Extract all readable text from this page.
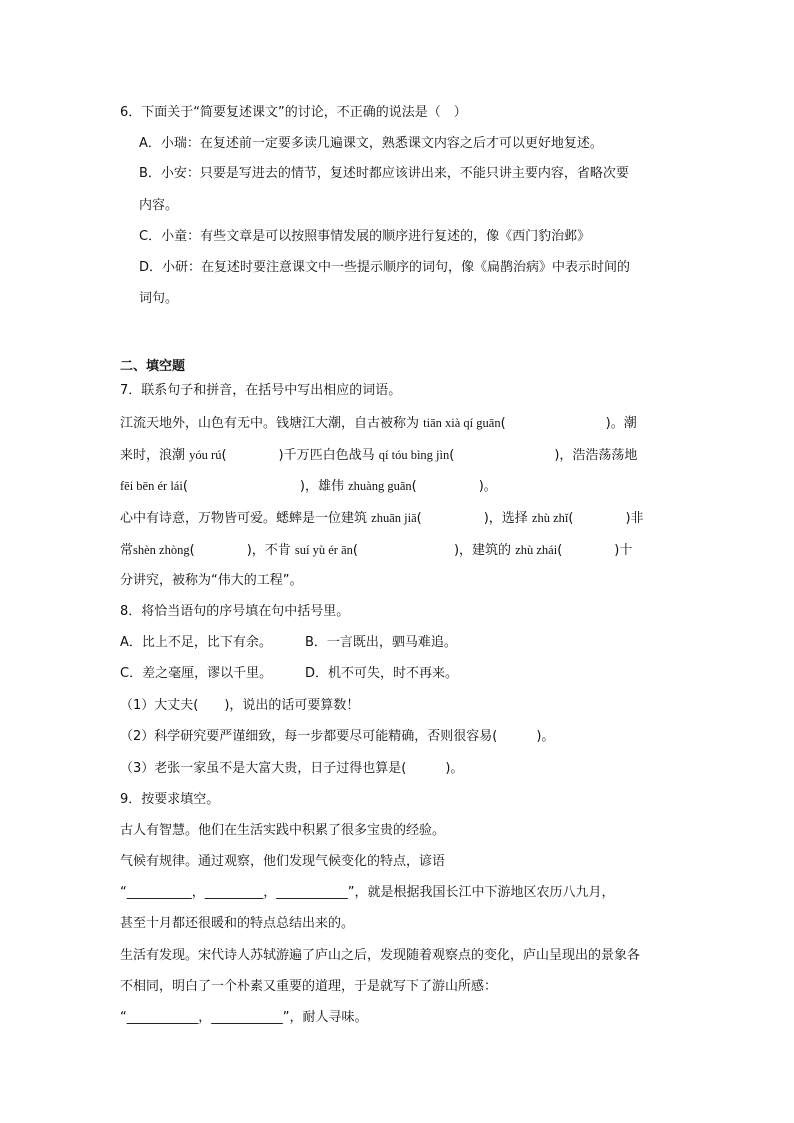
6．下面关于“简要复述课文”的讨论，不正确的说法是（　）
A．小瑞：在复述前一定要多读几遍课文，熟悉课文内容之后才可以更好地复述。
B．小安：只要是写进去的情节，复述时都应该讲出来，不能只讲主要内容，省略次要
内容。
C．小童：有些文章是可以按照事情发展的顺序进行复述的，像《西门豹治邺》
D．小研：在复述时要注意课文中一些提示顺序的词句，像《扁鹊治病》中表示时间的
词句。
二、填空题
7．联系句子和拼音，在括号中写出相应的词语。
江流天地外，山色有无中。钱塘江大潮，自古被称为 tiān xià qí guān(	)。潮
来时，浪潮 yóu rú(	)千万匹白色战马 qí tóu bìng jìn(	)，浩浩荡荡地
fēi bēn ér lái(	)，雄伟 zhuàng guān(	)。
心中有诗意，万物皆可爱。蟋蟀是一位建筑 zhuān jiā(	)，选择 zhù zhǐ(	)非
常shèn zhòng(	)，不肯 suí yù ér ān(	)，建筑的 zhù zhái(	)十
分讲究，被称为“伟大的工程”。
8．将恰当语句的序号填在句中括号里。
A．比上不足，比下有余。	B．一言既出，驷马难追。
C．差之毫厘，谬以千里。	D．机不可失，时不再来。
（1）大丈夫(　　)，说出的话可要算数！
（2）科学研究要严谨细致，每一步都要尽可能精确，否则很容易(　　　)。
（3）老张一家虽不是大富大贵，日子过得也算是(　　　)。
9．按要求填空。
古人有智慧。他们在生活实践中积累了很多宝贵的经验。
气候有规律。通过观察，他们发现气候变化的特点，谚语
“__________，_________，___________”，就是根据我国长江中下游地区农历八九月，
甚至十月都还很暖和的特点总结出来的。
生活有发现。宋代诗人苏轼游遍了庐山之后，发现随着观察点的变化，庐山呈现出的景象各
不相同，明白了一个朴素又重要的道理，于是就写下了游山所感：
“___________，___________”，耐人寻味。
